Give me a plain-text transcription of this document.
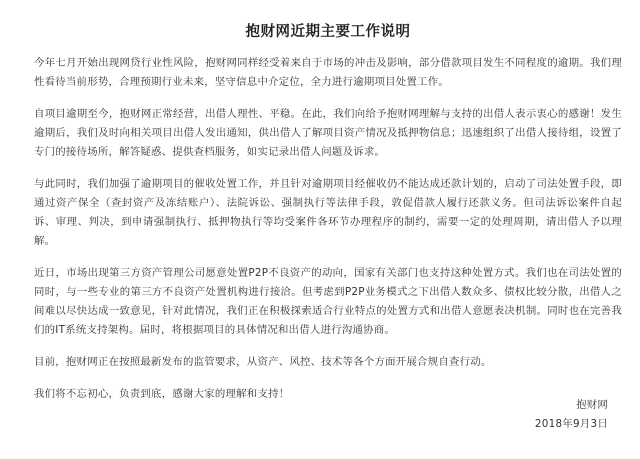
抱财网近期主要工作说明

今年七月开始出现网贷行业性风险，抱财网同样经受着来自于市场的冲击及影响，部分借款项目发生不同程度的逾期。我们理性看待当前形势，合理预期行业未来，坚守信息中介定位，全力进行逾期项目处置工作。

自项目逾期至今，抱财网正常经营，出借人理性、平稳。在此，我们向给予抱财网理解与支持的出借人表示衷心的感谢！发生逾期后，我们及时向相关项目出借人发出通知，供出借人了解项目资产情况及抵押物信息；迅速组织了出借人接待组，设置了专门的接待场所，解答疑惑、提供查档服务，如实记录出借人问题及诉求。

与此同时，我们加强了逾期项目的催收处置工作，并且针对逾期项目经催收仍不能达成还款计划的，启动了司法处置手段，即通过资产保全（查封资产及冻结账户）、法院诉讼、强制执行等法律手段，敦促借款人履行还款义务。但司法诉讼案件自起诉、审理、判决，到申请强制执行、抵押物执行等均受案件各环节办理程序的制约，需要一定的处理周期，请出借人予以理解。

近日，市场出现第三方资产管理公司愿意处置P2P不良资产的动向，国家有关部门也支持这种处置方式。我们也在司法处置的同时，与一些专业的第三方不良资产处置机构进行接洽。但考虑到P2P业务模式之下出借人数众多、债权比较分散，出借人之间难以尽快达成一致意见，针对此情况，我们正在积极探索适合行业特点的处置方式和出借人意愿表决机制。同时也在完善我们的IT系统支持架构。届时，将根据项目的具体情况和出借人进行沟通协商。

目前，抱财网正在按照最新发布的监管要求，从资产、风控、技术等各个方面开展合规自查行动。

我们将不忘初心，负责到底，感谢大家的理解和支持！

抱财网
2018年9月3日
